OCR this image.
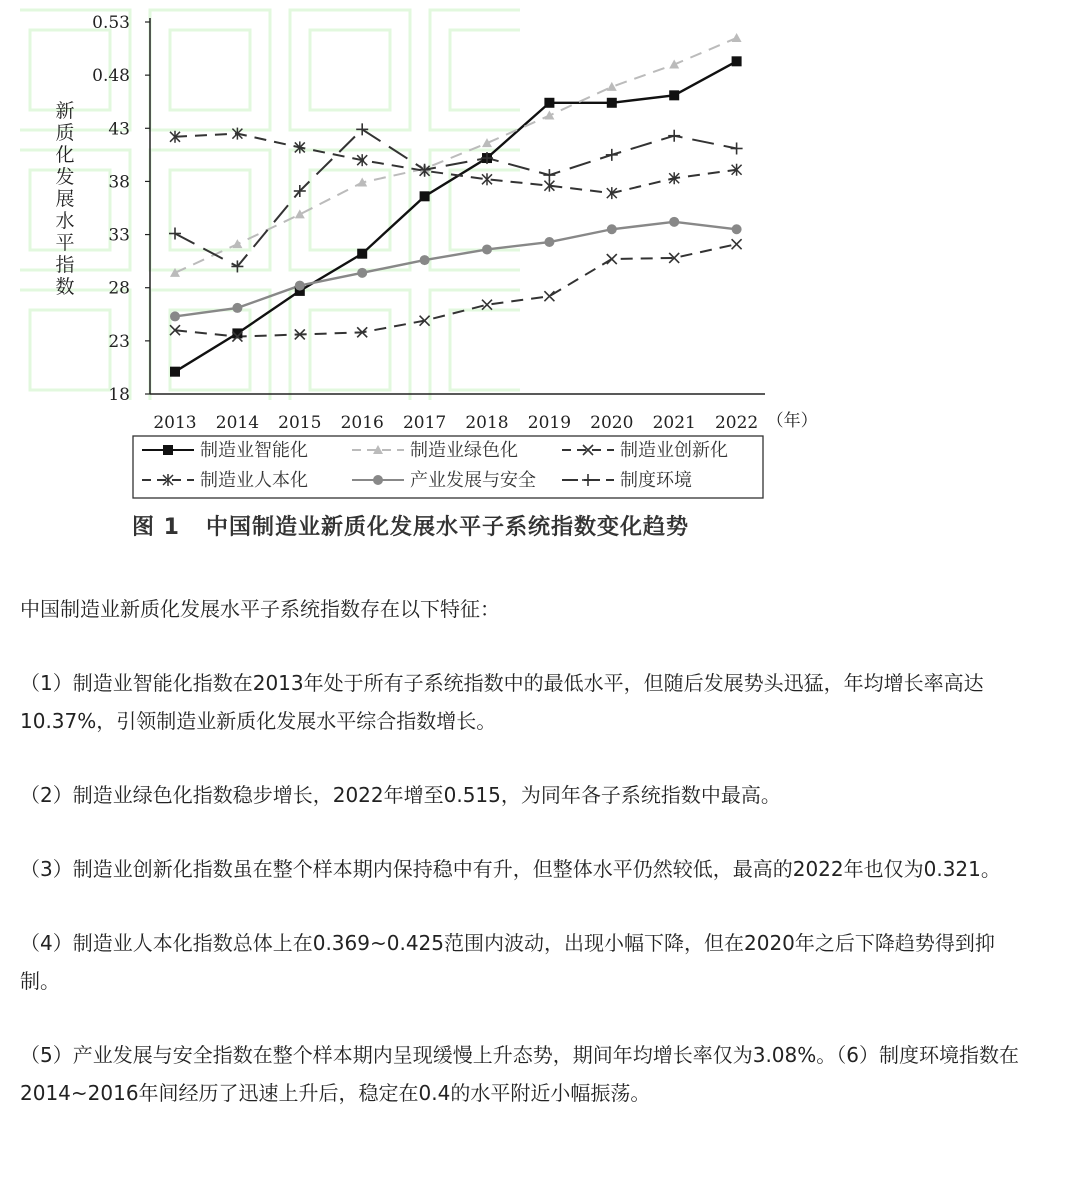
18
23
28
33
38
43
0.48
0.53
2013 2014 2015 2016 2017 2018 2019 2020 2021 2022 （年）
制造业智能化	制造业绿色化	制造业创新化
制造业人本化	产业发展与安全	制度环境
新质化发展水平指数
图 1 中国制造业新质化发展水平子系统指数变化趋势

中国制造业新质化发展水平子系统指数存在以下特征：

（1）制造业智能化指数在2013年处于所有子系统指数中的最低水平，但随后发展势头迅猛，年均增长率高达10.37%，引领制造业新质化发展水平综合指数增长。

（2）制造业绿色化指数稳步增长，2022年增至0.515，为同年各子系统指数中最高。

（3）制造业创新化指数虽在整个样本期内保持稳中有升，但整体水平仍然较低，最高的2022年也仅为0.321。

（4）制造业人本化指数总体上在0.369~0.425范围内波动，出现小幅下降，但在2020年之后下降趋势得到抑制。

（5）产业发展与安全指数在整个样本期内呈现缓慢上升态势，期间年均增长率仅为3.08%。（6）制度环境指数在2014~2016年间经历了迅速上升后，稳定在0.4的水平附近小幅振荡。
